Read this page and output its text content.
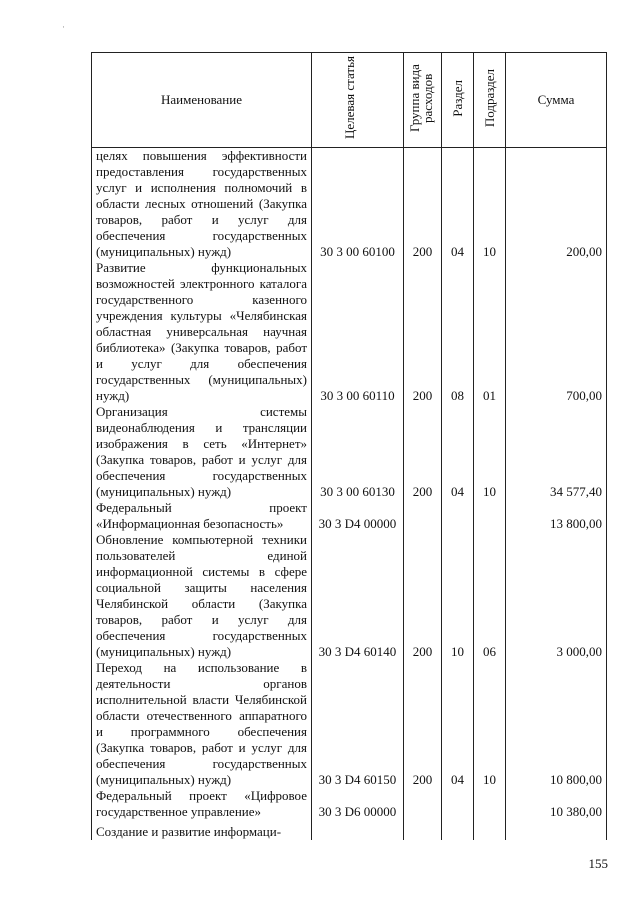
·
Наименование	Целевая статья	Группа вида расходов	Раздел	Подраздел	Сумма
целях повышения эффективности предоставления государственных услуг и исполнения полномочий в области лесных отношений (Закупка товаров, работ и услуг для обеспечения государственных (муниципальных) нужд)	30 3 00 60100	200	04	10	200,00
Развитие функциональных возможностей электронного каталога государственного казенного учреждения культуры «Челябинская областная универсальная научная библиотека» (Закупка товаров, работ и услуг для обеспечения государственных (муниципальных) нужд)	30 3 00 60110	200	08	01	700,00
Организация системы видеонаблюдения и трансляции изображения в сеть «Интернет» (Закупка товаров, работ и услуг для обеспечения государственных (муниципальных) нужд)	30 3 00 60130	200	04	10	34 577,40
Федеральный проект «Информационная безопасность»	30 3 D4 00000				13 800,00
Обновление компьютерной техники пользователей единой информационной системы в сфере социальной защиты населения Челябинской области (Закупка товаров, работ и услуг для обеспечения государственных (муниципальных) нужд)	30 3 D4 60140	200	10	06	3 000,00
Переход на использование в деятельности органов исполнительной власти Челябинской области отечественного аппаратного и программного обеспечения (Закупка товаров, работ и услуг для обеспечения государственных (муниципальных) нужд)	30 3 D4 60150	200	04	10	10 800,00
Федеральный проект «Цифровое государственное управление»	30 3 D6 00000				10 380,00
Создание и развитие информаци-					
155
